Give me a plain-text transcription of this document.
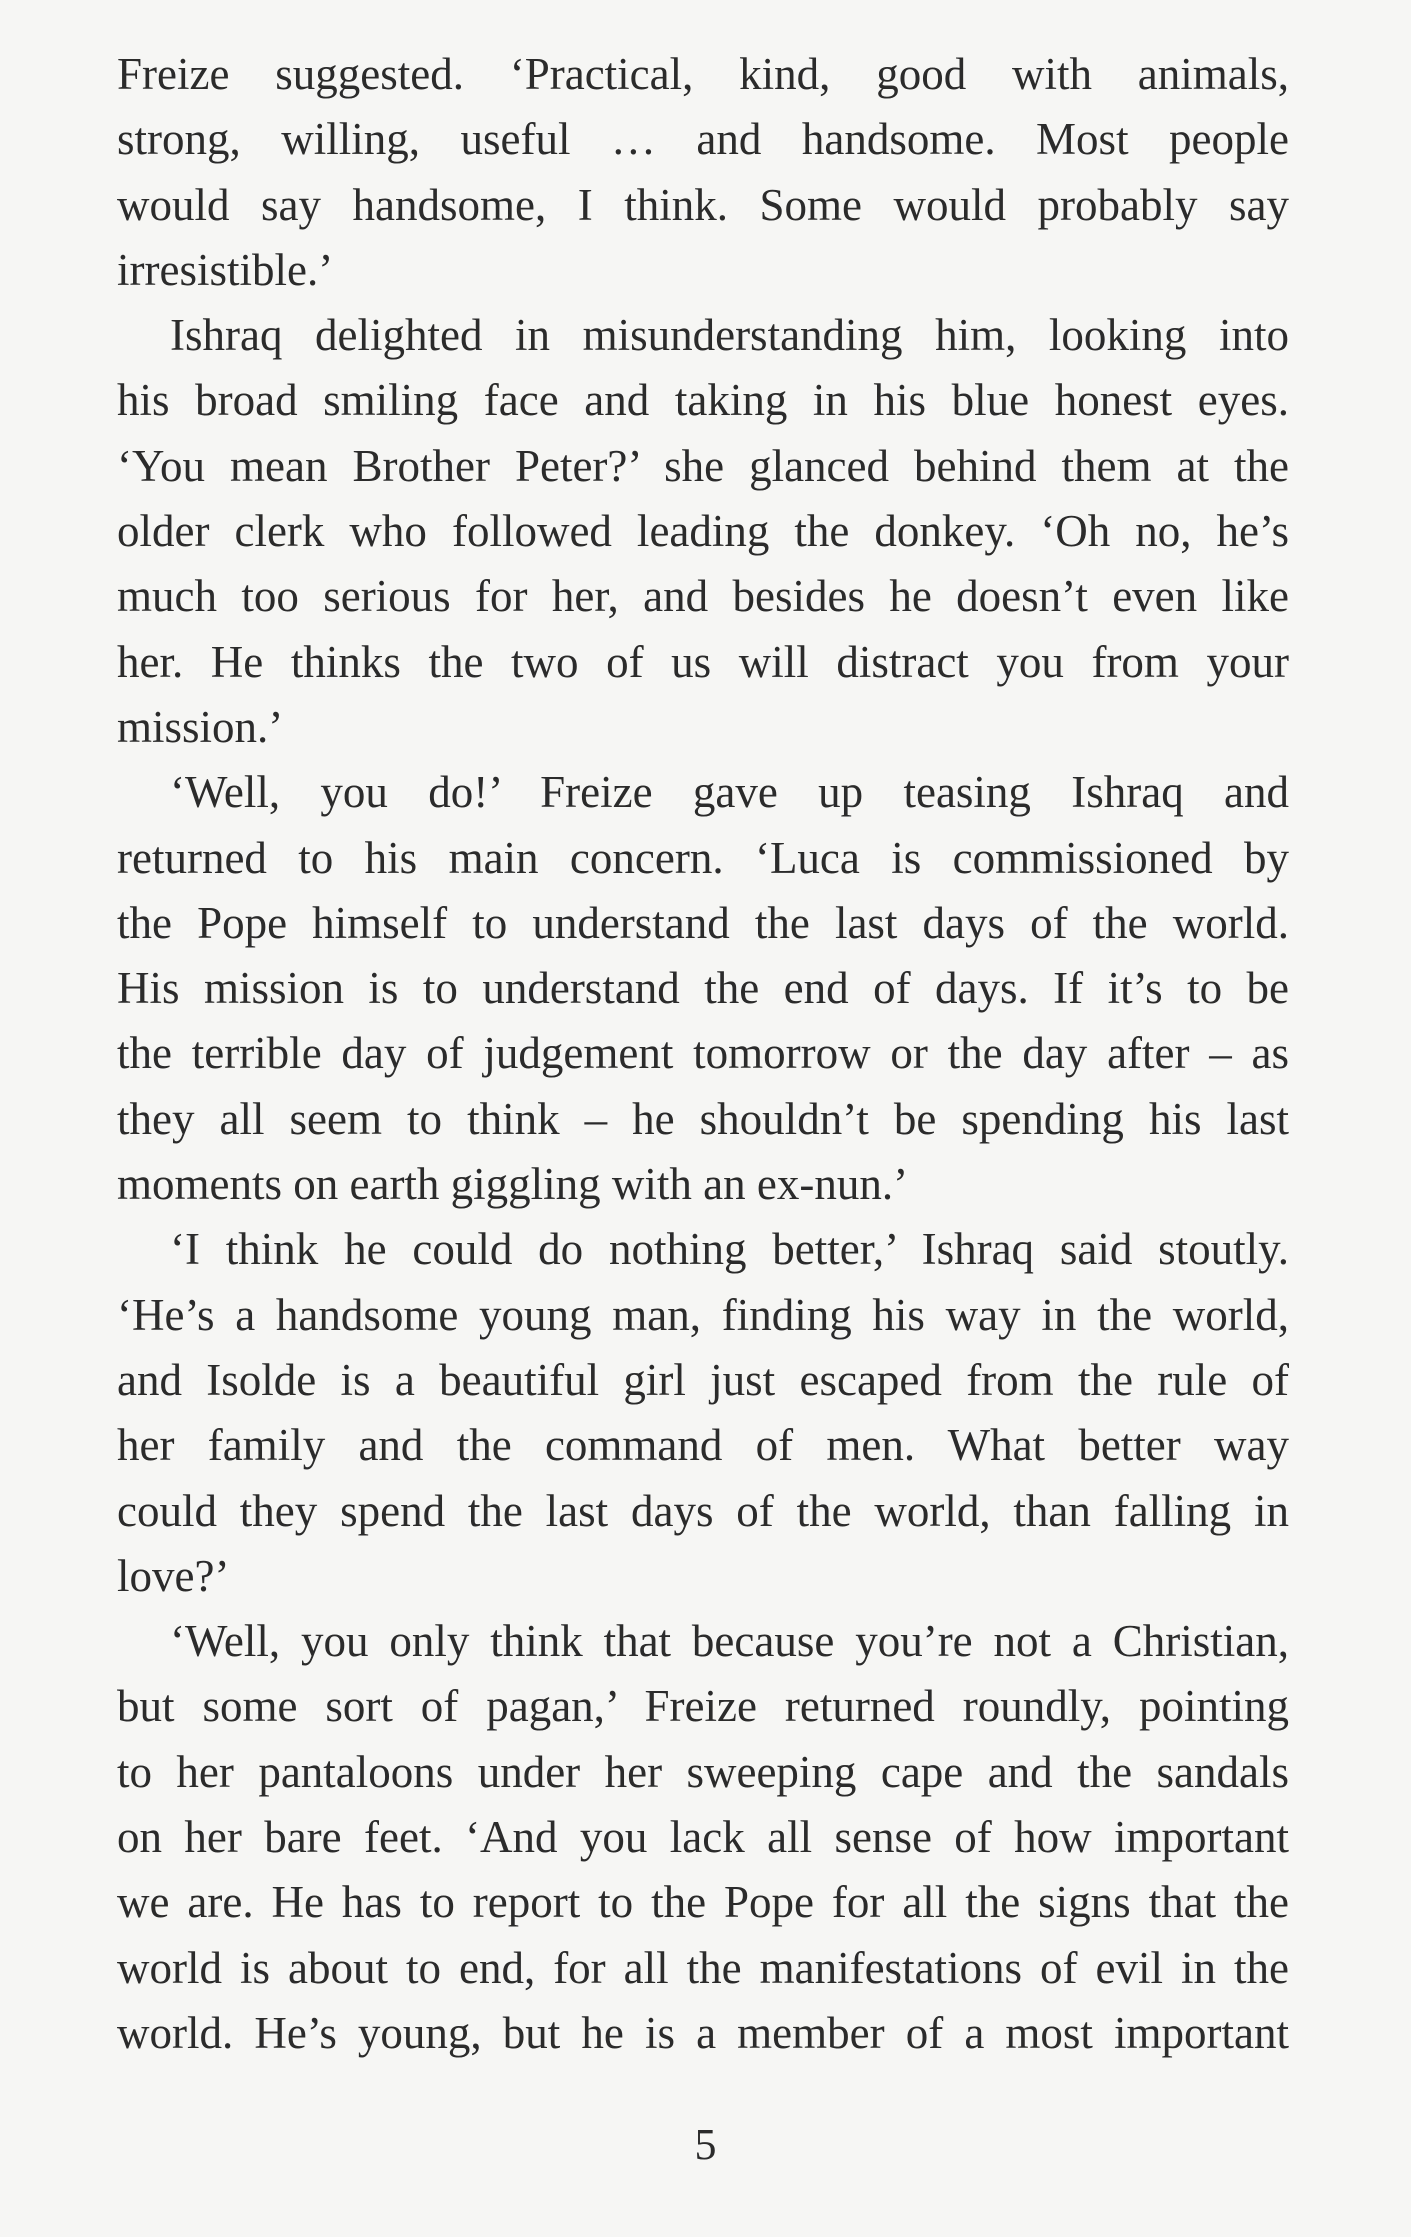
Freize suggested. ‘Practical, kind, good with animals,
strong, willing, useful … and handsome. Most people
would say handsome, I think. Some would probably say
irresistible.’
Ishraq delighted in misunderstanding him, looking into
his broad smiling face and taking in his blue honest eyes.
‘You mean Brother Peter?’ she glanced behind them at the
older clerk who followed leading the donkey. ‘Oh no, he’s
much too serious for her, and besides he doesn’t even like
her. He thinks the two of us will distract you from your
mission.’
‘Well, you do!’ Freize gave up teasing Ishraq and
returned to his main concern. ‘Luca is commissioned by
the Pope himself to understand the last days of the world.
His mission is to understand the end of days. If it’s to be
the terrible day of judgement tomorrow or the day after – as
they all seem to think – he shouldn’t be spending his last
moments on earth giggling with an ex-nun.’
‘I think he could do nothing better,’ Ishraq said stoutly.
‘He’s a handsome young man, finding his way in the world,
and Isolde is a beautiful girl just escaped from the rule of
her family and the command of men. What better way
could they spend the last days of the world, than falling in
love?’
‘Well, you only think that because you’re not a Christian,
but some sort of pagan,’ Freize returned roundly, pointing
to her pantaloons under her sweeping cape and the sandals
on her bare feet. ‘And you lack all sense of how important
we are. He has to report to the Pope for all the signs that the
world is about to end, for all the manifestations of evil in the
world. He’s young, but he is a member of a most important
5
